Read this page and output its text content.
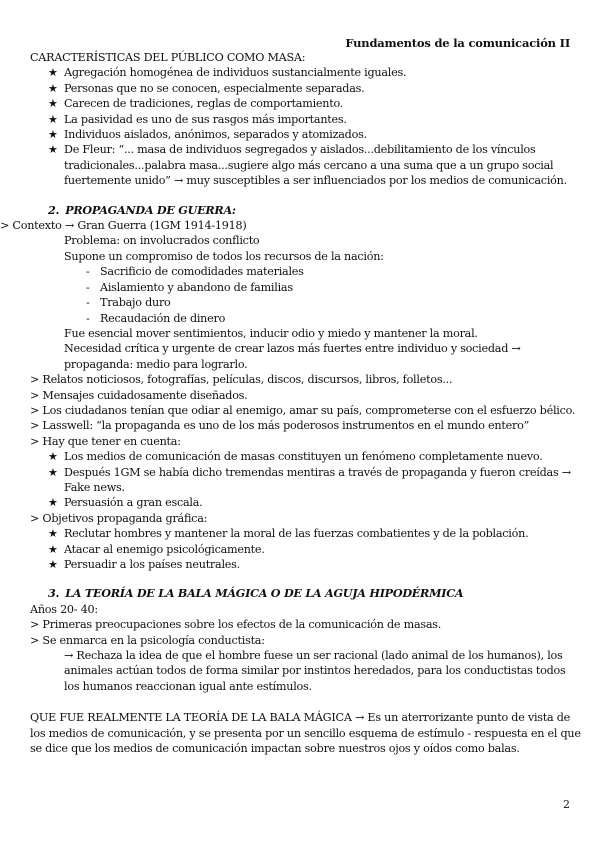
Fundamentos de la comunicación II
CARACTERÍSTICAS DEL PÚBLICO COMO MASA:
★ Agregación homogénea de individuos sustancialmente iguales.
★ Personas que no se conocen, especialmente separadas.
★ Carecen de tradiciones, reglas de comportamiento.
★ La pasividad es uno de sus rasgos más importantes.
★ Individuos aislados, anónimos, separados y atomizados.
★ De Fleur: “... masa de individuos segregados y aislados...debilitamiento de los vínculos
tradicionales...palabra masa...sugiere algo más cercano a una suma que a un grupo social
fuertemente unido” → muy susceptibles a ser influenciados por los medios de comunicación.
2. PROPAGANDA DE GUERRA:
> Contexto → Gran Guerra (1GM 1914-1918)
Problema: on involucrados conflicto
Supone un compromiso de todos los recursos de la nación:
- Sacrificio de comodidades materiales
- Aislamiento y abandono de familias
- Trabajo duro
- Recaudación de dinero
Fue esencial mover sentimientos, inducir odio y miedo y mantener la moral.
Necesidad crítica y urgente de crear lazos más fuertes entre individuo y sociedad →
propaganda: medio para lograrlo.
> Relatos noticiosos, fotografías, películas, discos, discursos, libros, folletos...
> Mensajes cuidadosamente diseñados.
> Los ciudadanos tenían que odiar al enemigo, amar su país, comprometerse con el esfuerzo bélico.
> Lasswell: “la propaganda es uno de los más poderosos instrumentos en el mundo entero”
> Hay que tener en cuenta:
★ Los medios de comunicación de masas constituyen un fenómeno completamente nuevo.
★ Después 1GM se había dicho tremendas mentiras a través de propaganda y fueron creídas →
Fake news.
★ Persuasión a gran escala.
> Objetivos propaganda gráfica:
★ Reclutar hombres y mantener la moral de las fuerzas combatientes y de la población.
★ Atacar al enemigo psicológicamente.
★ Persuadir a los países neutrales.
3. LA TEORÍA DE LA BALA MÁGICA O DE LA AGUJA HIPODÉRMICA
Años 20- 40:
> Primeras preocupaciones sobre los efectos de la comunicación de masas.
> Se enmarca en la psicología conductista:
→ Rechaza la idea de que el hombre fuese un ser racional (lado animal de los humanos), los
animales actúan todos de forma similar por instintos heredados, para los conductistas todos
los humanos reaccionan igual ante estímulos.
QUE FUE REALMENTE LA TEORÍA DE LA BALA MÁGICA → Es un aterrorizante punto de vista de
los medios de comunicación, y se presenta por un sencillo esquema de estímulo - respuesta en el que
se dice que los medios de comunicación impactan sobre nuestros ojos y oídos como balas.
2
